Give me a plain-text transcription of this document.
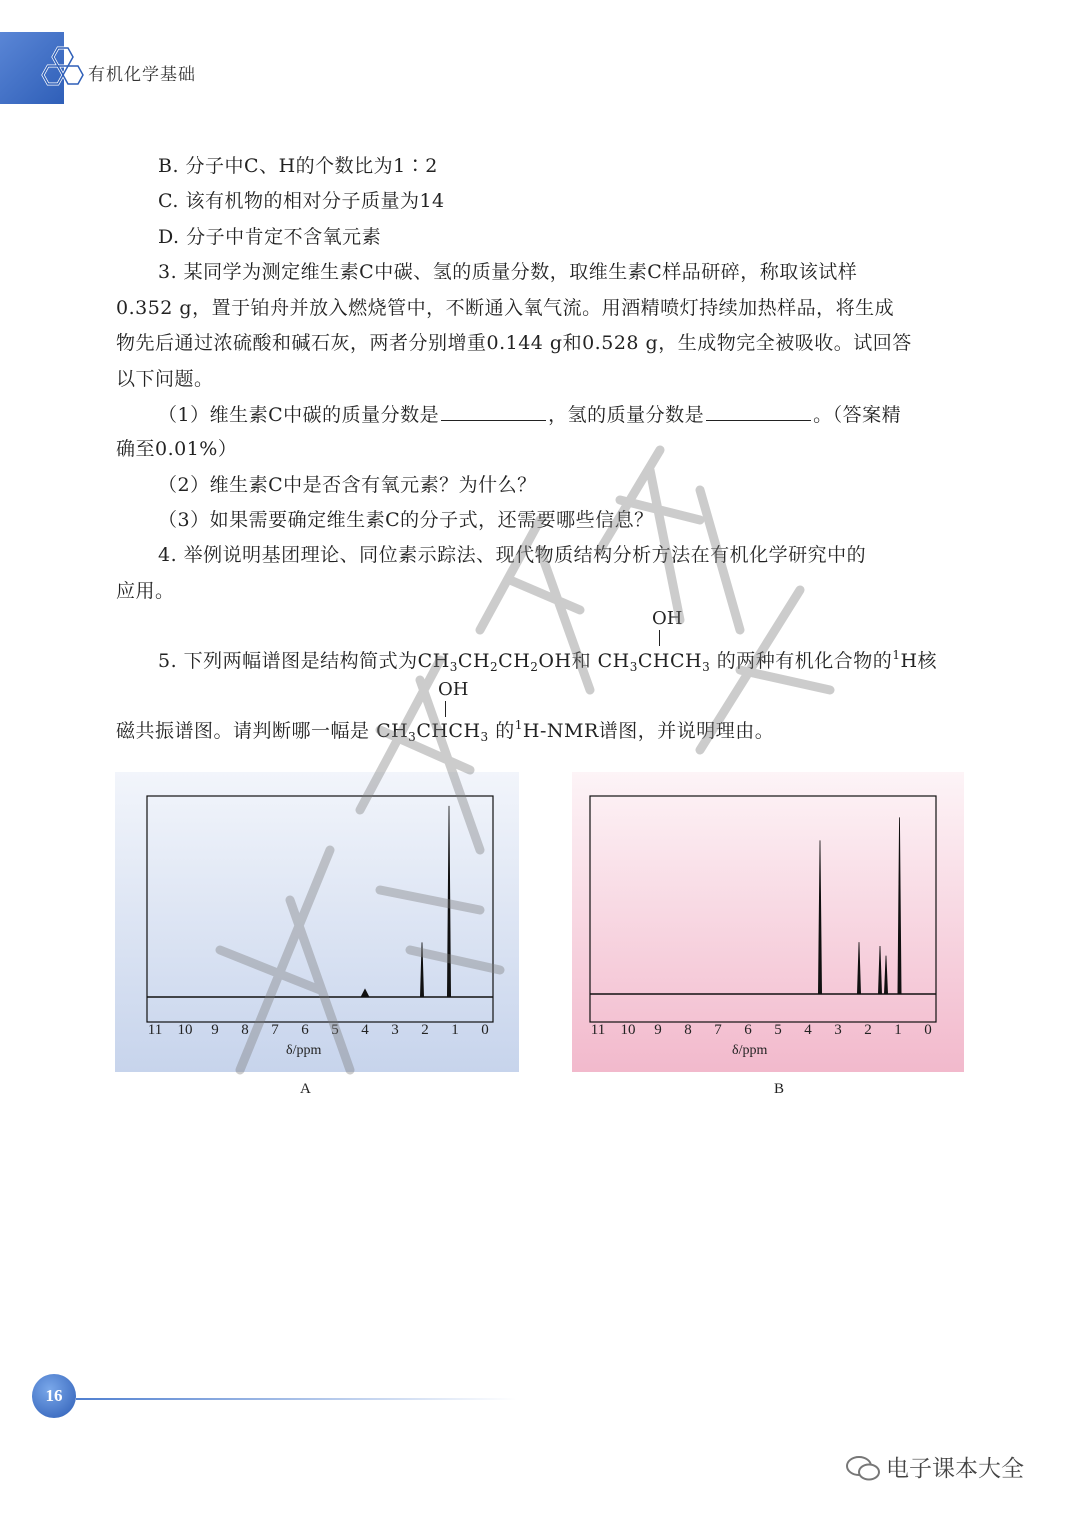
有机化学基础
B. 分子中C、H的个数比为1∶2
C. 该有机物的相对分子质量为14
D. 分子中肯定不含氧元素
3. 某同学为测定维生素C中碳、氢的质量分数，取维生素C样品研碎，称取该试样
0.352 g，置于铂舟并放入燃烧管中，不断通入氧气流。用酒精喷灯持续加热样品，将生成
物先后通过浓硫酸和碱石灰，两者分别增重0.144 g和0.528 g，生成物完全被吸收。试回答
以下问题。
（1）维生素C中碳的质量分数是	，氢的质量分数是	。（答案精
确至0.01%）
（2）维生素C中是否含有氧元素？为什么？
（3）如果需要确定维生素C的分子式，还需要哪些信息？
4. 举例说明基团理论、同位素示踪法、现代物质结构分析方法在有机化学研究中的
应用。
OH
5. 下列两幅谱图是结构简式为$CH_3CH_2CH_2OH$和 $CH_3CHCH_3$ 的两种有机化合物的$^1$H核
OH
磁共振谱图。请判断哪一幅是 $CH_3CHCH_3$ 的$^1$H-NMR谱图，并说明理由。
11 10 9 8 7 6 5 4 3 2 1 0
δ/ppm
A
11 10 9 8 7 6 5 4 3 2 1 0
δ/ppm
B
16
电子课本大全
